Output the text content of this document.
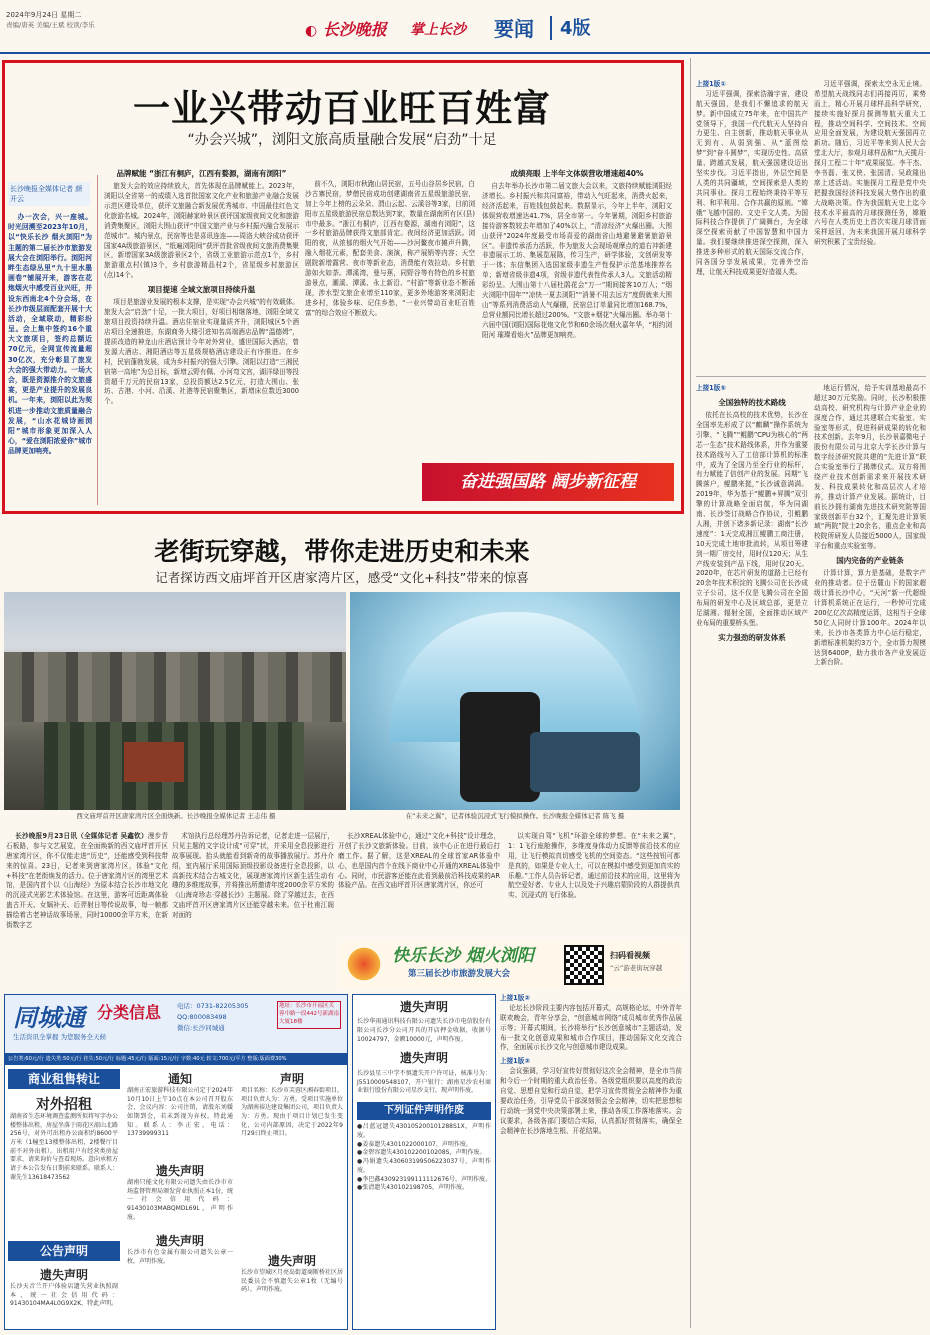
2024年9月24日 星期二
责编/唐英 美编/王斌 校读/李乐	◐ 长沙晚报 掌上长沙 要闻 4版
一业兴带动百业旺百姓富
“办会兴城”，浏阳文旅高质量融合发展“启劲”十足
长沙晚报全媒体记者 颜开云

办一次会，兴一座城。时光回溯至2023年10月，以“快乐长沙 烟火浏阳”为主题的第二届长沙市旅游发展大会在浏阳举行。浏阳河畔生态绿丛里“九十里水墨画卷”铺展开来，游客在花炮烟火中感受百业兴旺，并设东西南北4个分会场，在长沙市级层面配套开展十大活动，全域联动，精彩纷呈。会上集中签约16个重大文旅项目，签约总额近70亿元，全网宣传流量超30亿次，充分彰显了旅发大会的强大带动力。一场大会，既是资源推介的文旅盛宴，更是产业提升的发展良机。一年来，浏阳以此为契机进一步推动文旅质量融合发展，“山水花城诗画浏阳”城市形象更加深入人心，“爱在浏阳浓爱你”城市品牌更加响亮。

品牌赋能 “浙江有桐庐，江西有婺源，湖南有浏阳”

旅发大会的效应持续放大，首先体现在品牌赋能上。2023年，浏阳以全省第一的成绩入选首批国家文化产业和旅游产业融合发展示范区建设单位，获评文旅融合新发展优秀城市、中国最佳红色文化旅游名城。2024年，浏阳赫家岭景区获评国家级夜间文化和旅游消费集聚区，浏阳大围山获评“中国文旅产业与乡村振兴融合发展示范城市”。城内景点，民宿等也是喜讯连连——周洛大峡谷成功获评国家4A级旅游景区，“纸遍浏阳间”获评首批省级夜间文旅消费集聚区，新增国家3A级旅游景区2个，省级工业旅游示范点1个，乡村旅游重点村(镇)3个，乡村旅游精品村2个，省星级乡村旅游区(点)14个。

项目提速 全域文旅项目持续升温

项目是旅游业发展的根本支撑，是实现“办会兴城”的有效载体。旅发大会“启劲”十足，一批大项目，好项目相继落地，浏阳全域文旅项目投资持续升温。酒店住宿业实现量质齐升，浏阳城区5个酒店项目全速推进，东湖商务大楼引进知名高端酒店品牌“温德姆”，提质改造的神龙山庄酒店预计今年对外营业，盛世国际大酒店，曾发源大酒店、湘阳酒店等五星级规格酒店建设正有序推进。在乡村，民宿蓬勃发展，成为乡村振兴的强大引擎。浏阳以打造“三湘民宿第一高地”为总目标，新增云野有佩、小河弯文宫，湖洋绿田等投资超千万元的民宿13家，总投资额达2.5亿元，打造大围山、张坊、古港、小河、沿溪、社港等民宿聚集区，新增床位数近3000个。

前不久，浏阳市秋跑山居民宿，五号山谷居乡民宿，白沙古寨民宿，梦僧民宿成功创建湖南省五星级旅游民宿，加上今年上榜的云朵朵、渭山云起、云溪谷等3家，目前浏阳市五星级旅游民宿总数达到7家，数量在湖南所有区(县)市中最多。“浙江有桐庐，江西有婺源，湖南有浏阳”，这一乡村旅游品牌获得文旅部肯定。夜间经济更加活跃。浏阳的夜，从浓郁的烟火气开始——沙河鳌夜市摊声升腾，融入烟花元素，配套美食、演演，称产展销等内容；天空剧院新增露营、夜市等新业态，消费能有效拉动。乡村旅游如火如荼。潭溪湾，曼与蕉，同野谷等有特色的乡村旅游景点，潮溪、潭溪、永上新沿、“村游”等新业态不断涌现，涉水型文旅企业增至110家，更多外地游客来浏阳走进乡村，体验乡味、记住乡愁，“一业兴带动百业旺百姓富”的综合效应不断放大。

成绩亮眼 上半年文体娱营收增速超40%

自去年举办长沙市第二届文旅大会以来，文旅持续赋能浏阳经济增长。乡村振兴和共同富裕，带动入气旺起来，消费火起来，经济活起来，百姓钱包鼓起来。数据显示，今年上半年，浏阳文体娱营收增速达41.7%，居全市第一。今年暑期，浏阳乡村旅游接待游客数较去年增加了40%以上，“清凉经济”火爆出圈。大围山获评“2024年度最受市场喜爱的湖南省山地避暑避暑旅游景区”。非遗传承活力活跃，作为旅发大会现场观摩点的道右冲新建非遗展示工坊、集展览展陈，传习生产，研学体验，文创研发等于一体；东信集团入选国家级非遗生产性保护示范基地推荐名单；新增省级非遗4项，省级非遗代表性传承人3人。文旅活动精彩纷呈。大围山第十八届杜鹃花会“万一”期间接客10万人；“烟火浏阳中国年”“凉快一夏去浏阳”“消暑不用去远方”度假就来大围山”等系列消费活动人气爆棚，民宿总订单量同比增加168.7%，总营业额同比增长超过200%。“文旅+烟花”火爆出圈。举办第十六届中国(浏阳)国际花炮文化节和60余场次烟火嘉年华，“相约浏阳河 璀璨看焰火”品牌更加响亮。

奋进强国路 阔步新征程
老街玩穿越，带你走进历史和未来
记者探访西文庙坪首开区唐家湾片区，感受“文化+科技”带来的惊喜
西文庙坪首开区唐家湾片区全面焕新。长沙晚报全媒体记者 王志伟 摄	在“未来之翼”，记者体验沉浸式飞行模拟操作。长沙晚报全媒体记者 陈飞 摄

长沙晚报9月23日讯（全媒体记者 吴鑫钦）漫步青石板路，参与文艺展览，在全面焕新的西文庙坪首开区唐家湾片区，你不仅能走进“历史”，还能感受到科技带来的惊喜。23日，记者来到唐家湾片区，体验“文化+科技”在老街焕发的活力。位于唐家湾片区的湾里艺术馆，是国内首个以《山海经》为原本结合长沙市地文化的沉浸式光影艺术体验馆。在这里，游客可近距离体验蛊古开天、女娲补天、后羿射日等传说故事，每一帧都描绘着古老神话故事场景，同时10000余平方米，在新街数字艺

术馆执行总经理苏丹告诉记者，记者走进一层展厅，只见主题的文字设计成“可穿”状，并采用全息投影进行故事展现。抬头就能看到新奇的故事播放展厅。苏丹介绍，室内展厅采用国际顶级投影设备进行全息投影，以高新技术结合古城文化，展现唐家湾片区新生活生动有趣的多维度故事，并将推出所邀请年度2000余平方米的《山海奇珍志·穿越长沙》主题展。除了穿越过去，在西文庙坪首开区唐家湾片区还能穿越未来。位于杜甫江阁对面的

长沙XREAL体验中心，通过“文化+科技”设计理念，开创了长沙文旅新体验。目前，该中心正在进行最后打磨工作。据了解，这是XREAL的全球首家AR体验中心，也是国内首个在线下商业中心开通的XREAL体验中心。同时，市民游客还能在此看到最前沿科技成果的AR体验产品。在西文庙坪首开区唐家湾片区，你还可

以实现自驾“飞机”环游全球的梦想。在“未来之翼”，1：1飞行座舱操作，多维度身体动力反馈等前沿技术的应用，让飞行模拟真切感受飞机的空间姿态。“这些按钮可都是真的，如果是专业人士，可以在模拟中感受到更加真实的乐趣。”工作人员告诉记者，通过前沿技术的应用，这里将为航空爱好者、专业人士以及处于兴趣启蒙阶段的人群提供真实、沉浸式的飞行体验。

快乐长沙 烟火浏阳
第三届长沙市旅游发展大会
扫码看视频
“云”游老街玩穿越
同城通 分类信息
生活资讯全掌握 为您服务全天候
电话：0731-82205305
QQ:800083498
微信:长沙同城通
地址：长沙市开福区芙蓉中路一段442号新湖南大厦18楼
公告类:60元/行 遗失类:50元/行 挂失:50元/行 标题:45元/行 版面:15元/行 字数:40元 软文:700元/平方 整版:版面费30%
商业租售转让
对外招租
湖南省生态环境调查监测所拟将写字办公楼整体出租，房屋坐落于雨花区韶山北路256号，对外可出租办公面积约8600平方米（1幢至13楼整体出租，2楼餐厅目前不对外出租）。出租用户有经营类房屋要求，请来询价与查看现场。意向承租方请于本公告发布日期前来联系。联系人：谢先生13618473562
公告声明
遗失声明
长沙天音兰开户体验店遗失营业执照副本，统一社会信用代码：91430104MA4L0G9X2K，特此声明。
通知
湖南正宏旅游科技有限公司定于2024年10月10日上午10点在本公司召开股东会，会议内容：公司注销，请股东刘媛如期到会，若未到视为弃权。特此通知。联系人：李正宏，电话：13739999311
遗失声明
湖南只能文化有限公司遗失由长沙市市场监督管理局颁发营业执照正本1份，统一社会信用代码：91430103MABQMDL69L，声明作废。
遗失声明
长沙市有色金属有限公司遗失公章一枚，声明作废。
声明
项目名称：长沙市芙蓉区湘春街项目，项目负责人为：方勇。受项目实施单位为湖南裕达建设集团公司，项目负责人为：方勇。现由于项目计划已发生变化，公司内部原因，决定于2022年9月29日终止项目。
遗失声明
长沙市望城区月亮岛街道商断桥社区居民委员会不慎遗失公章1枚（无编号码），声明作废。
遗失声明
长沙华雨通讯科技有限公司遗失长沙市电信股份有限公司长沙分公司开具的开店押金收据，收据号10024797，金额10000元，声明作废。
遗失声明
长沙县星三中学不慎遗失开户许可证，核准号为：J5510009548107，开户银行：湖南星沙农村商业银行股份有限公司星沙支行，现声明作废。
下列证件声明作废
●吕蓝冠遗失430105200101288S1X，声明作废。
●姜泰遗失4301022000107，声明作废。
●金碧容遗失43010220010208S，声明作废。
●冯娟遗失430603199506223037号，声明作废。
●李巴鑫430923199111112676号，声明作废。
●张清遗失430102198705，声明作废。
上接1版②

论坛长沙阶段主要内容包括开幕式，高规格论坛，中外青年联欢晚会，青年分享会，“创意城市网络”成员城市优秀作品展示等；开幕式期间，长沙将举行“长沙创意城市”主题活动，发布一批文化创意成果和城市合作项目，推动国际文化交流合作，全面展示长沙文化与创意城市建设成果。

上接1版③

会议强调，学习好宣传好贯彻好这次全会精神，是全市当前和今后一个时期的重大政治任务。各级党组织要以高度的政治自觉、思想自觉和行动自觉，把学习宣传贯彻全会精神作为重要政治任务，引导党员干部深刻领会全会精神，切实把思想和行动统一到党中央决策部署上来，推动各项工作落地落实。会议要求，各级各部门要结合实际，认真抓好贯彻落实，确保全会精神在长沙落地生根、开花结果。

上接1版①

习近平强调，探索浩瀚宇宙，建设航天强国，是我们不懈追求的航天梦。新中国成立75年来，在中国共产党领导下，我国一代代航天人坚持自力更生、自主创新，推动航天事业从无到有、从弱到强、从“蓝图绘梦”到“奋斗圆梦”，实现历史性、高质量、跨越式发展，航天强国建设迈出坚实步伐。习近平指出，外层空间是人类的共同疆域，空间探索是人类的共同事业。探月工程始终秉持平等互利、和平利用、合作共赢的原则。“嫦娥”飞越中国的、文史千文人类。为国际科技合作提供了广阔舞台，为全球深空探索贡献了中国智慧和中国力量。我们要继续推进深空探测，深入推进多种形式的航天国际交流合作，同各国分享发展成果，完善外空治理，让航天科技成果更好造福人类。

习近平强调，探索太空永无止境。希望航天战线同志们再接再厉，乘势而上，精心开展月球样品科学研究，接续实施好探月探测等航天重大工程，推动空间科学、空间技术、空间应用全面发展，为建设航天强国再立新功。随后，习近平等来到人民大会堂北大厅，参观月球样品和“九天揽月·探月工程二十年”成果展览。李干杰、李书磊、张又侠、张国清、吴政隆出席上述活动。实施探月工程是党中央把握我国经济科技发展大势作出的重大战略决策。作为我国航天史上迄今技术水平最高的月球探测任务，嫦娥六号在人类历史上首次实现月球背面采样返回，为未来我国开展月球科学研究积累了宝贵经验。

上接1版⑤
全国独特的技术路线

依托在长高校的技术优势，长沙在全国率先形成了以“麒麟”操作系统为引擎、“飞腾”“鲲鹏”CPU为核心的“两芯一生态”技术路线体系，并作为重要技术路线写入了工信部计算机的标准中，成为了全国乃至全行业的标杆，有力赋能了信创产业的发展。同期“飞腾落户，鲲鹏来挺，”长沙诚意满满。2019年，华为基于“鲲鹏+昇腾”双引擎的计算战略全面启航，华为同湖南、长沙签订战略合作协议，引鲲鹏人湘，并创下诸多新记录：湖南“长沙速度”：1天完成湘江鲲鹏工商注册，10天完成土地审批流转，从项目筹建到一期厂房交付，用时仅120天；从生产线安装到产品下线，用时仅20天。2020年，在芯片研发的道路上已经有20余年技术积淀的飞腾公司在长沙成立子公司，这不仅是飞腾公司在全国布局的研发中心及区域总部，更是立足湖湘、辐射全国，全面推动区域产业布局的重要桥头堡。

实力强劲的研发体系

地运行情况，给予实训基地最高不超过30万元奖励。同时，长沙积极推动高校、研究机构与计算产业企业的深度合作，通过共建联合实验室、实验室等形式，促进科研成果的转化和技术创新。去年9月，长沙景嘉微电子股份有限公司与北京大学长沙计算与数字经济研究院共建的“先进计算”联合实验室举行了揭牌仪式。双方将围绕产业技术创新需求来开展技术研发、科技成果转化和高层次人才培养，推动计算产业发展。据统计，目前长沙拥有湖南先进技术研究院等国家级创新平台32个，汇聚先进计算领域“两院”院士20余名，重点企业和高校院所研发人员接近5000人，国家级平台和重点实验室等。

国内完备的产业链条

计算计算，算力是基础，是数字产业的推动者。位于岳麓山下的国家超级计算长沙中心，“天河”新一代超级计算机系统正在运行，一秒钟可完成200亿亿次高精度运算，这相当于全球50亿人同时计算100年。2024年以来，长沙市各类算力中心运行稳定，新增标准机架约3万个，全市算力规模达到6400P，助力我市各产业发展迈上新台阶。
